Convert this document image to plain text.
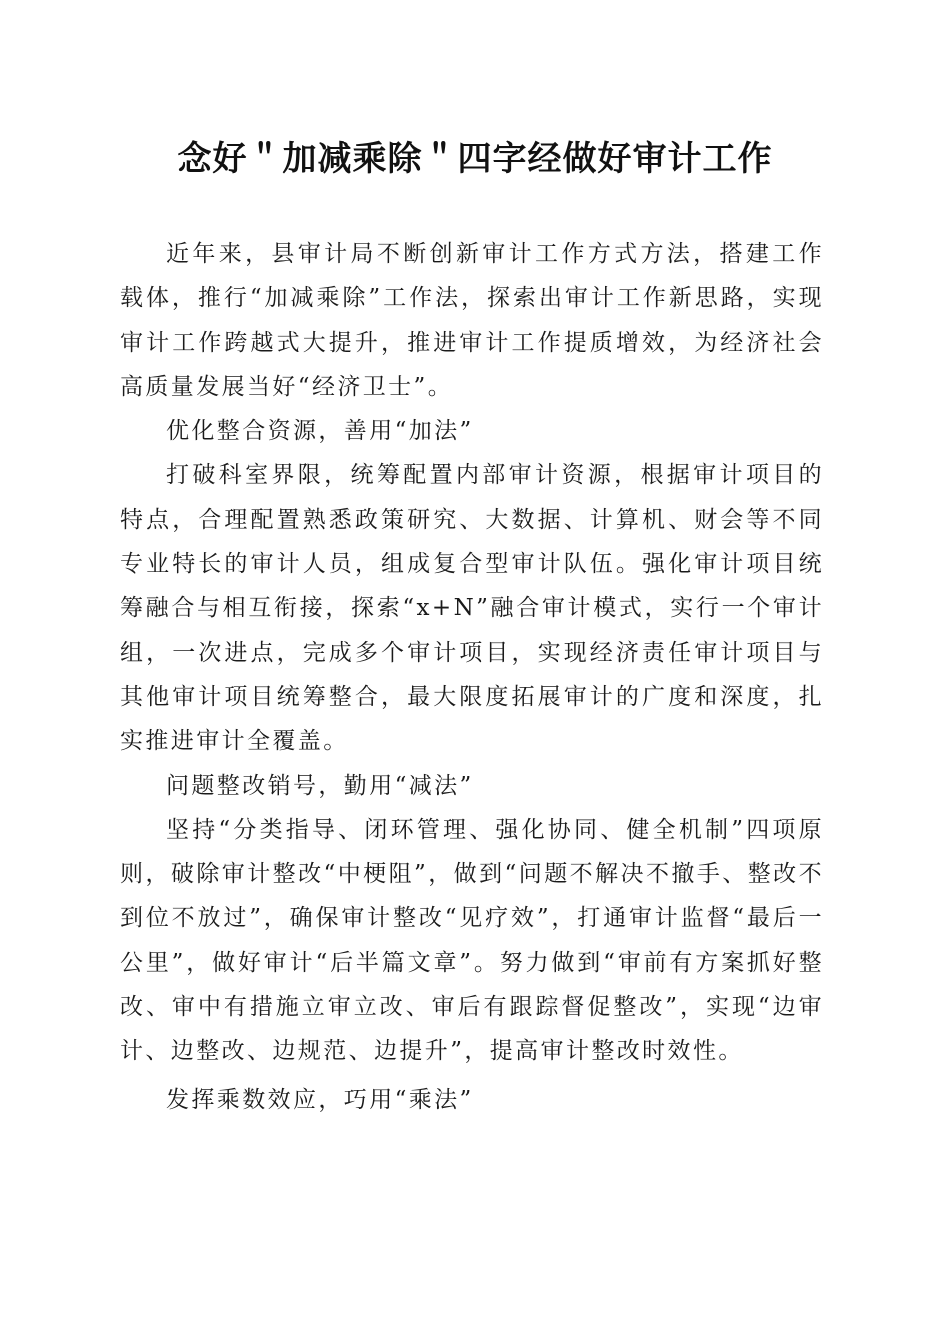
念好＂加减乘除＂四字经做好审计工作

近年来，县审计局不断创新审计工作方式方法，搭建工作载体，推行“加减乘除”工作法，探索出审计工作新思路，实现审计工作跨越式大提升，推进审计工作提质增效，为经济社会高质量发展当好“经济卫士”。

优化整合资源，善用“加法”

打破科室界限，统筹配置内部审计资源，根据审计项目的特点，合理配置熟悉政策研究、大数据、计算机、财会等不同专业特长的审计人员，组成复合型审计队伍。强化审计项目统筹融合与相互衔接，探索“x+N”融合审计模式，实行一个审计组，一次进点，完成多个审计项目，实现经济责任审计项目与其他审计项目统筹整合，最大限度拓展审计的广度和深度，扎实推进审计全覆盖。

问题整改销号，勤用“减法”

坚持“分类指导、闭环管理、强化协同、健全机制”四项原则，破除审计整改“中梗阻”，做到“问题不解决不撤手、整改不到位不放过”，确保审计整改“见疗效”，打通审计监督“最后一公里”，做好审计“后半篇文章”。努力做到“审前有方案抓好整改、审中有措施立审立改、审后有跟踪督促整改”，实现“边审计、边整改、边规范、边提升”，提高审计整改时效性。

发挥乘数效应，巧用“乘法”
